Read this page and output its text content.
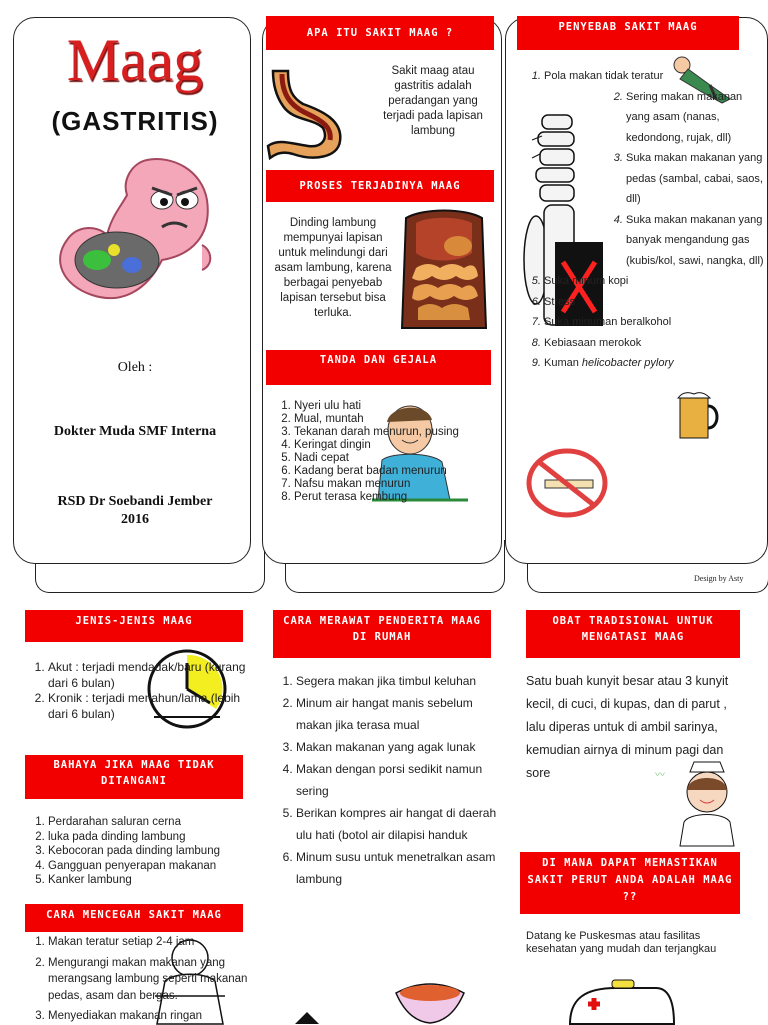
Maag
(GASTRITIS)
Oleh :
Dokter Muda SMF Interna
RSD Dr Soebandi Jember
2016
APA ITU SAKIT MAAG ?
Sakit maag atau gastritis adalah peradangan yang terjadi pada lapisan lambung
PROSES TERJADINYA MAAG
Dinding lambung mempunyai lapisan untuk melindungi dari asam lambung, karena berbagai penyebab lapisan tersebut bisa terluka.
TANDA DAN GEJALA
1. Nyeri ulu hati
2. Mual, muntah
3. Tekanan darah menurun, pusing
4. Keringat dingin
5. Nadi cepat
6. Kadang berat badan menurun
7. Nafsu makan menurun
8. Perut terasa kembung
PENYEBAB SAKIT MAAG
1. Pola makan tidak teratur
2. Sering makan makanan yang asam (nanas, kedondong, rujak, dll)
3. Suka makan makanan yang pedas (sambal, cabai, saos, dll)
4. Suka makan makanan yang banyak mengandung gas (kubis/kol, sawi, nangka, dll)
5. Suka minum kopi
6. Stress
7. Suka minuman beralkohol
8. Kebiasaan merokok
9. Kuman helicobacter pylory
Design by Asty
JENIS-JENIS MAAG
1. Akut : terjadi mendadak/baru (kurang dari 6 bulan)
2. Kronik : terjadi menahun/lama (lebih dari 6 bulan)
BAHAYA JIKA MAAG TIDAK DITANGANI
1. Perdarahan saluran cerna
2. luka pada dinding lambung
3. Kebocoran pada dinding lambung
4. Gangguan penyerapan makanan
5. Kanker lambung
CARA MENCEGAH SAKIT MAAG
1. Makan teratur setiap 2-4 jam
2. Mengurangi makan makanan yang merangsang lambung seperti makanan pedas, asam dan bergas.
3. Menyediakan makanan ringan
CARA MERAWAT PENDERITA MAAG DI RUMAH
1. Segera makan jika timbul keluhan
2. Minum air hangat manis sebelum makan jika terasa mual
3. Makan makanan yang agak lunak
4. Makan dengan porsi sedikit namun sering
5. Berikan kompres air hangat di daerah ulu hati (botol air dilapisi handuk
6. Minum susu untuk menetralkan asam lambung
OBAT TRADISIONAL UNTUK MENGATASI MAAG
Satu buah kunyit besar atau 3 kunyit kecil, di cuci, di kupas, dan di parut , lalu diperas untuk di ambil sarinya, kemudian airnya di minum pagi dan sore	〰
DI MANA DAPAT MEMASTIKAN SAKIT PERUT ANDA ADALAH MAAG ??
Datang ke Puskesmas atau fasilitas kesehatan yang mudah dan terjangkau
